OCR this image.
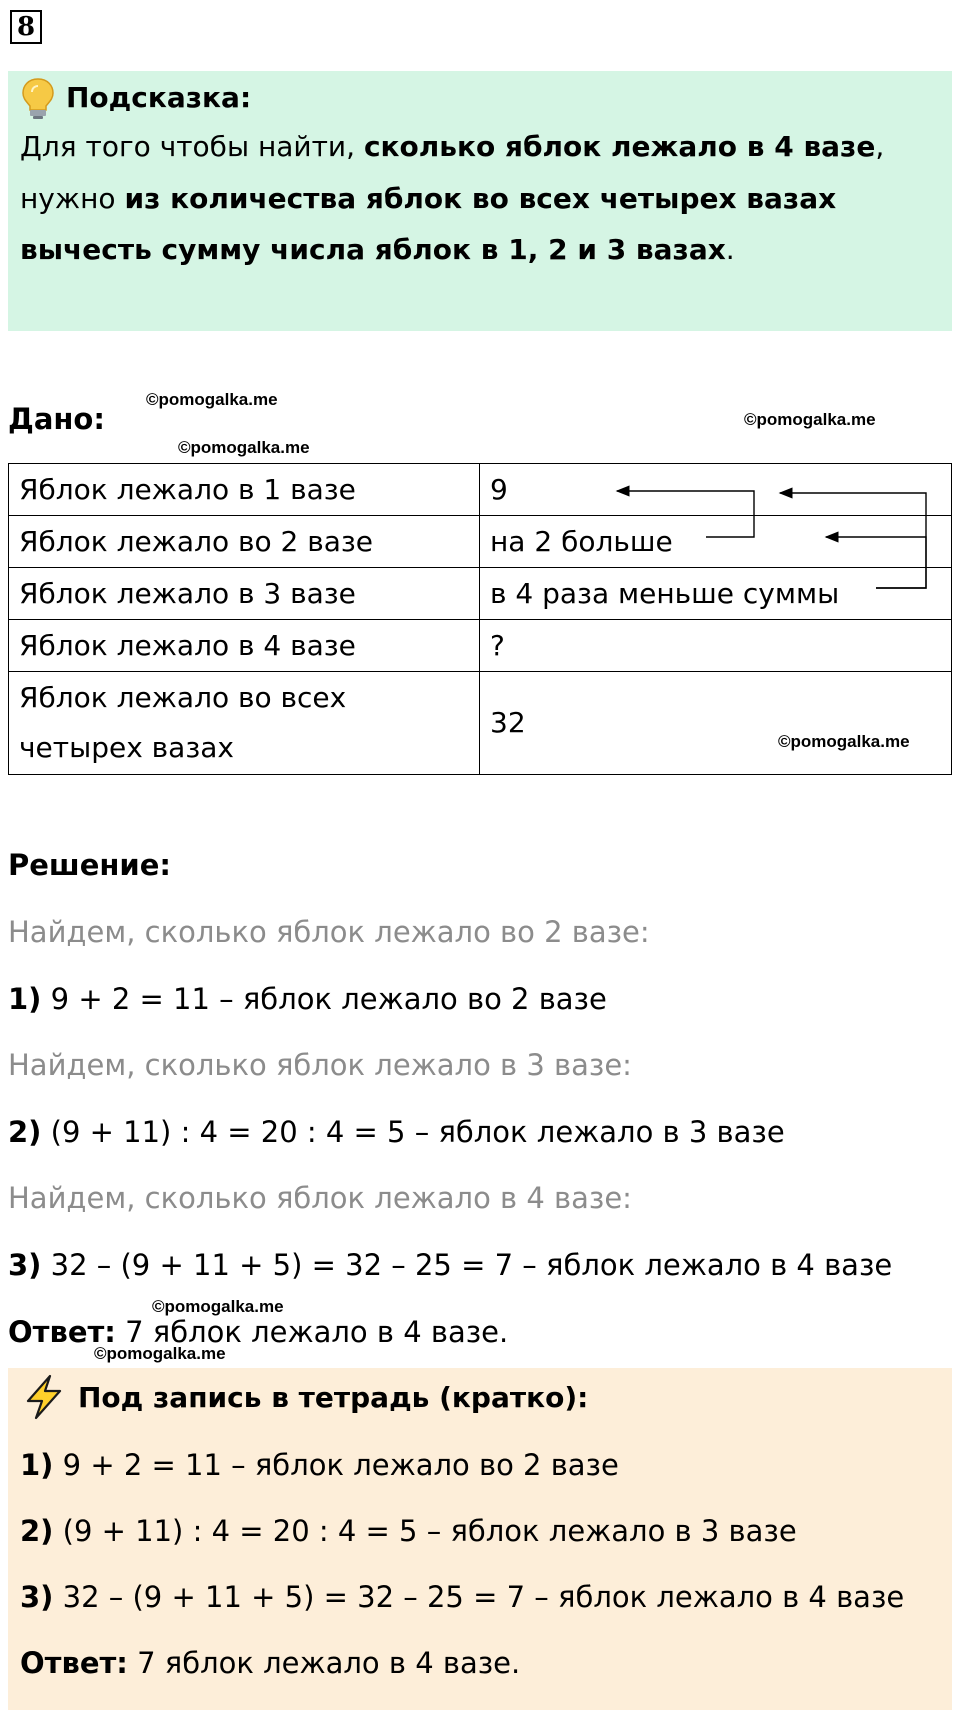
8
Подсказка:
Для того чтобы найти, сколько яблок лежало в 4 вазе,
нужно из количества яблок во всех четырех вазах
вычесть сумму числа яблок в 1, 2 и 3 вазах.
Дано:
©pomogalka.me
©pomogalka.me
©pomogalka.me
Яблок лежало в 1 вазе	9
Яблок лежало во 2 вазе	на 2 больше
Яблок лежало в 3 вазе	в 4 раза меньше суммы
Яблок лежало в 4 вазе	?

Яблок лежало во всех
четырех вазах	32
©pomogalka.me
Решение:
Найдем, сколько яблок лежало во 2 вазе:
1) 9 + 2 = 11 – яблок лежало во 2 вазе
Найдем, сколько яблок лежало в 3 вазе:
2) (9 + 11) : 4 = 20 : 4 = 5 – яблок лежало в 3 вазе
Найдем, сколько яблок лежало в 4 вазе:
3) 32 – (9 + 11 + 5) = 32 – 25 = 7 – яблок лежало в 4 вазе
©pomogalka.me
Ответ: 7 яблок лежало в 4 вазе.
©pomogalka.me
Под запись в тетрадь (кратко):
1) 9 + 2 = 11 – яблок лежало во 2 вазе
2) (9 + 11) : 4 = 20 : 4 = 5 – яблок лежало в 3 вазе
3) 32 – (9 + 11 + 5) = 32 – 25 = 7 – яблок лежало в 4 вазе
Ответ: 7 яблок лежало в 4 вазе.
